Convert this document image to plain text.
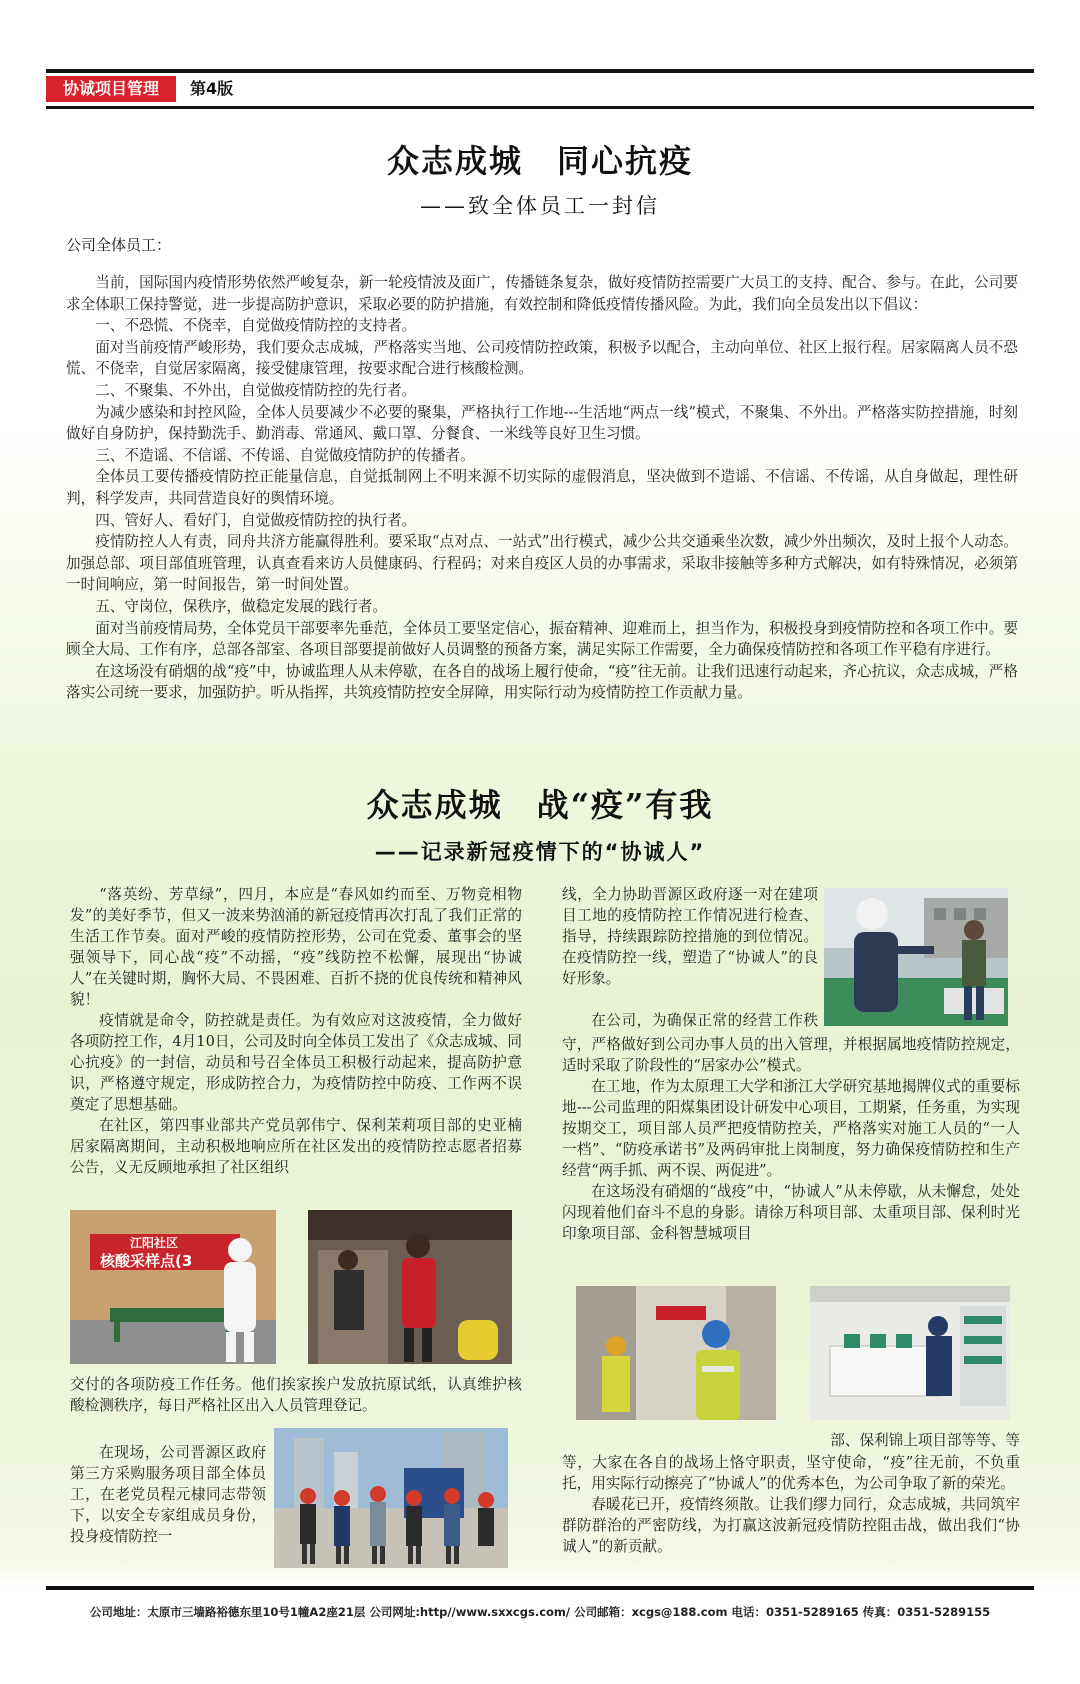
协诚项目管理	第4版
众志成城　同心抗疫
——致全体员工一封信
公司全体员工：

当前，国际国内疫情形势依然严峻复杂，新一轮疫情波及面广，传播链条复杂，做好疫情防控需要广大员工的支持、配合、参与。在此，公司要求全体职工保持警觉，进一步提高防护意识，采取必要的防护措施，有效控制和降低疫情传播风险。为此，我们向全员发出以下倡议：

一、不恐慌、不侥幸，自觉做疫情防控的支持者。

面对当前疫情严峻形势，我们要众志成城，严格落实当地、公司疫情防控政策，积极予以配合，主动向单位、社区上报行程。居家隔离人员不恐慌、不侥幸，自觉居家隔离，接受健康管理，按要求配合进行核酸检测。

二、不聚集、不外出，自觉做疫情防控的先行者。

为减少感染和封控风险，全体人员要减少不必要的聚集，严格执行工作地---生活地“两点一线”模式，不聚集、不外出。严格落实防控措施，时刻做好自身防护，保持勤洗手、勤消毒、常通风、戴口罩、分餐食、一米线等良好卫生习惯。

三、不造谣、不信谣、不传谣、自觉做疫情防护的传播者。

全体员工要传播疫情防控正能量信息，自觉抵制网上不明来源不切实际的虚假消息，坚决做到不造谣、不信谣、不传谣，从自身做起，理性研判，科学发声，共同营造良好的舆情环境。

四、管好人、看好门，自觉做疫情防控的执行者。

疫情防控人人有责，同舟共济方能赢得胜利。要采取“点对点、一站式”出行模式，减少公共交通乘坐次数，减少外出频次，及时上报个人动态。加强总部、项目部值班管理，认真查看来访人员健康码、行程码；对来自疫区人员的办事需求，采取非接触等多种方式解决，如有特殊情况，必须第一时间响应，第一时间报告，第一时间处置。

五、守岗位，保秩序，做稳定发展的践行者。

面对当前疫情局势，全体党员干部要率先垂范，全体员工要坚定信心，振奋精神、迎难而上，担当作为，积极投身到疫情防控和各项工作中。要顾全大局、工作有序，总部各部室、各项目部要提前做好人员调整的预备方案，满足实际工作需要，全力确保疫情防控和各项工作平稳有序进行。

在这场没有硝烟的战“疫”中，协诚监理人从未停歇，在各自的战场上履行使命，“疫”往无前。让我们迅速行动起来，齐心抗议，众志成城，严格落实公司统一要求，加强防护。听从指挥，共筑疫情防控安全屏障，用实际行动为疫情防控工作贡献力量。

众志成城　战“疫”有我
——记录新冠疫情下的“协诚人”

“落英纷、芳草绿”，四月，本应是“春风如约而至、万物竞相物发”的美好季节，但又一波来势汹涌的新冠疫情再次打乱了我们正常的生活工作节奏。面对严峻的疫情防控形势，公司在党委、董事会的坚强领导下，同心战“疫”不动摇，“疫”线防控不松懈，展现出“协诚人”在关键时期，胸怀大局、不畏困难、百折不挠的优良传统和精神风貌！

疫情就是命令，防控就是责任。为有效应对这波疫情，全力做好各项防控工作，4月10日，公司及时向全体员工发出了《众志成城、同心抗疫》的一封信，动员和号召全体员工积极行动起来，提高防护意识，严格遵守规定，形成防控合力，为疫情防控中防疫、工作两不误奠定了思想基础。

在社区，第四事业部共产党员郭伟宁、保利茉莉项目部的史亚楠居家隔离期间，主动积极地响应所在社区发出的疫情防控志愿者招募公告，义无反顾地承担了社区组织

线，全力协助晋源区政府逐一对在建项目工地的疫情防控工作情况进行检查、指导，持续跟踪防控措施的到位情况。在疫情防控一线，塑造了“协诚人”的良好形象。

在公司，为确保正常的经营工作秩

守，严格做好到公司办事人员的出入管理，并根据属地疫情防控规定，适时采取了阶段性的“居家办公”模式。

在工地，作为太原理工大学和浙江大学研究基地揭牌仪式的重要标地---公司监理的阳煤集团设计研发中心项目，工期紧，任务重，为实现按期交工，项目部人员严把疫情防控关，严格落实对施工人员的“一人一档”、“防疫承诺书”及两码审批上岗制度，努力确保疫情防控和生产经营“两手抓、两不误、两促进”。

在这场没有硝烟的“战疫”中，“协诚人”从未停歇，从未懈怠，处处闪现着他们奋斗不息的身影。请徐万科项目部、太重项目部、保利时光印象项目部、金科智慧城项目

江阳社区
核酸采样点(3

交付的各项防疫工作任务。他们挨家挨户发放抗原试纸，认真维护核酸检测秩序，每日严格社区出入人员管理登记。

在现场，公司晋源区政府第三方采购服务项目部全体员工，在老党员程元棣同志带领下，以安全专家组成员身份，投身疫情防控一

部、保利锦上项目部等等、等

等，大家在各自的战场上恪守职责，坚守使命，“疫”往无前，不负重托，用实际行动擦亮了“协诚人”的优秀本色，为公司争取了新的荣光。

春暖花已开，疫情终须散。让我们缪力同行，众志成城，共同筑牢群防群治的严密防线，为打赢这波新冠疫情防控阻击战，做出我们“协诚人”的新贡献。

公司地址：太原市三墙路裕德东里10号1幢A2座21层 公司网址:http//www.sxxcgs.com/ 公司邮箱：xcgs@188.com 电话：0351-5289165 传真：0351-5289155
